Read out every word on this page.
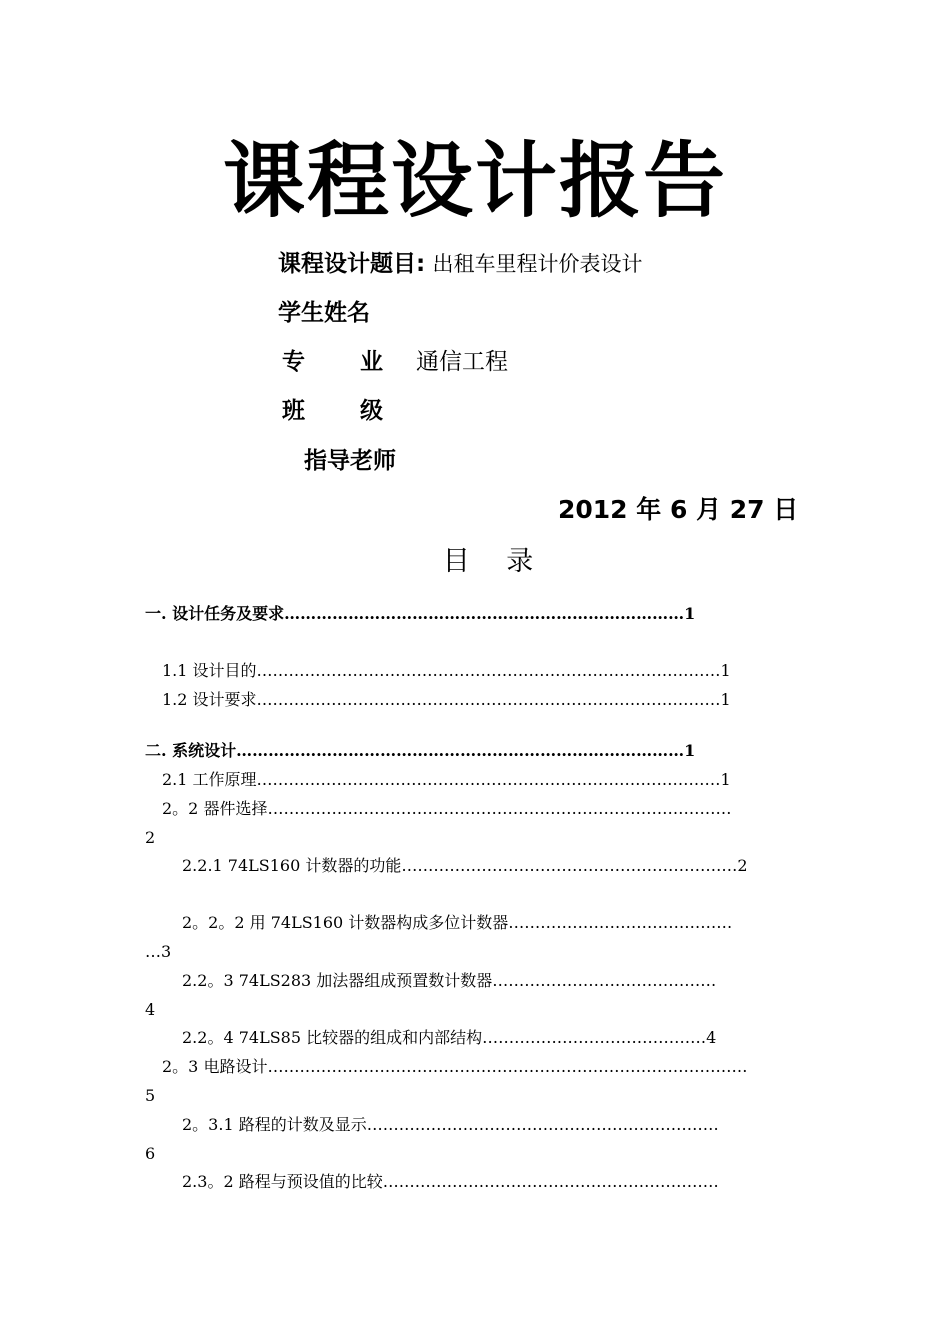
课程设计报告
课程设计题目: 出租车里程计价表设计
学生姓名
专 业 通信工程
班 级
指导老师
2012 年 6 月 27 日
目 录
一. 设计任务及要求…………………………………………………………………1
1.1 设计目的……………………………………………………………………………1
1.2 设计要求……………………………………………………………………………1
二. 系统设计…………………………………………………………………………1
2.1 工作原理……………………………………………………………………………1
2。2 器件选择……………………………………………………………………………
2
2.2.1 74LS160 计数器的功能………………………………………………………2
2。2。2 用 74LS160 计数器构成多位计数器……………………………………
…3
2.2。3 74LS283 加法器组成预置数计数器……………………………………
4
2.2。4 74LS85 比较器的组成和内部结构……………………………………4
2。3 电路设计………………………………………………………………………………
5
2。3.1 路程的计数及显示…………………………………………………………
6
2.3。2 路程与预设值的比较………………………………………………………
